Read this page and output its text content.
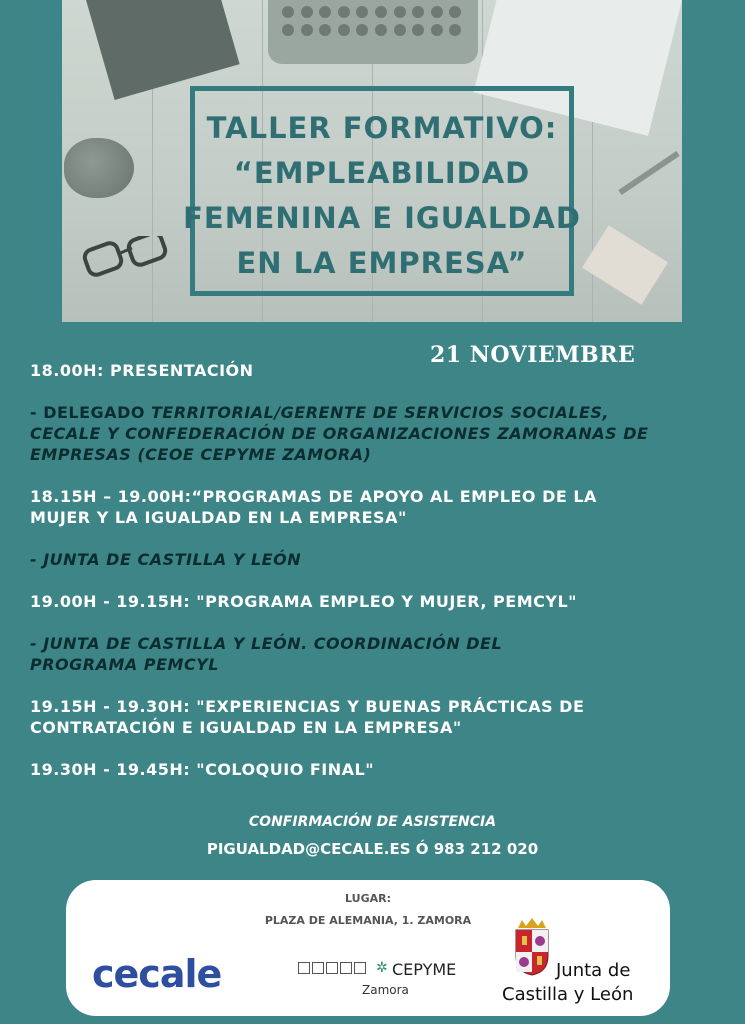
TALLER FORMATIVO:
“EMPLEABILIDAD
FEMENINA E IGUALDAD
EN LA EMPRESA”
21 NOVIEMBRE

18.00H: PRESENTACIÓN

- DELEGADO TERRITORIAL/GERENTE DE SERVICIOS SOCIALES,

CECALE Y CONFEDERACIÓN DE ORGANIZACIONES ZAMORANAS DE

EMPRESAS (CEOE CEPYME ZAMORA)

18.15H – 19.00H:“PROGRAMAS DE APOYO AL EMPLEO DE LA

MUJER Y LA IGUALDAD EN LA EMPRESA"

- JUNTA DE CASTILLA Y LEÓN

19.00H - 19.15H: "PROGRAMA EMPLEO Y MUJER, PEMCYL"

- JUNTA DE CASTILLA Y LEÓN. COORDINACIÓN DEL

PROGRAMA PEMCYL

19.15H - 19.30H: "EXPERIENCIAS Y BUENAS PRÁCTICAS DE

CONTRATACIÓN E IGUALDAD EN LA EMPRESA"

19.30H - 19.45H: "COLOQUIO FINAL"

CONFIRMACIÓN DE ASISTENCIA
PIGUALDAD@CECALE.ES Ó 983 212 020
LUGAR:
PLAZA DE ALEMANIA, 1. ZAMORA
cecale	✲ CEPYME
Zamora
Junta de
Castilla y León
